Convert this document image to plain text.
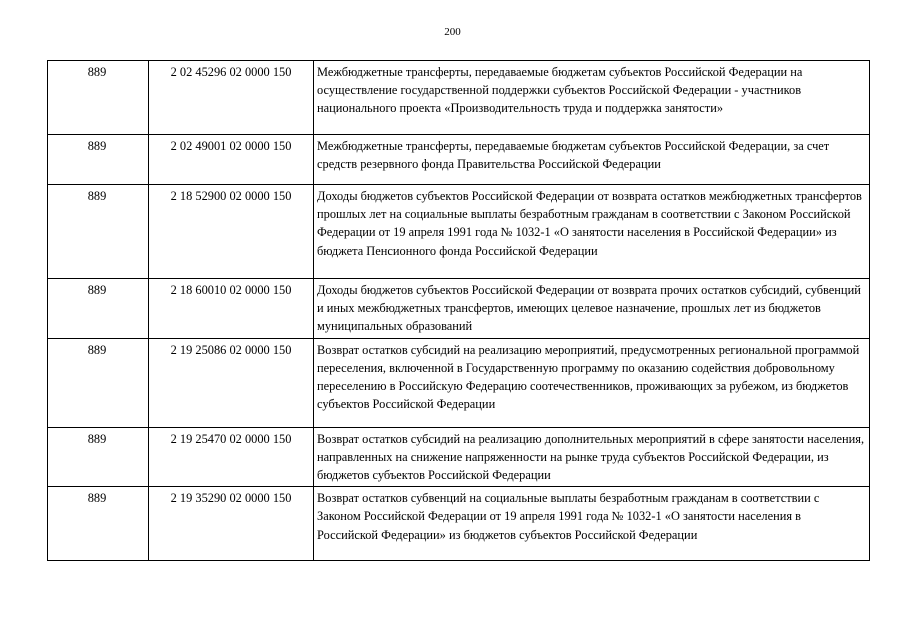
200
889	2 02 45296 02 0000 150	Межбюджетные трансферты, передаваемые бюджетам субъектов Российской Федерации на осуществление государственной поддержки субъектов Российской Федерации - участников национального проекта «Производительность труда и поддержка занятости»
889	2 02 49001 02 0000 150	Межбюджетные трансферты, передаваемые бюджетам субъектов Российской Федерации, за счет средств резервного фонда Правительства Российской Федерации
889	2 18 52900 02 0000 150	Доходы бюджетов субъектов Российской Федерации от возврата остатков межбюджетных трансфертов прошлых лет на социальные выплаты безработным гражданам в соответствии с Законом Российской Федерации от 19 апреля 1991 года № 1032-1 «О занятости населения в Российской Федерации» из бюджета Пенсионного фонда Российской Федерации
889	2 18 60010 02 0000 150	Доходы бюджетов субъектов Российской Федерации от возврата прочих остатков субсидий, субвенций и иных межбюджетных трансфертов, имеющих целевое назначение, прошлых лет из бюджетов муниципальных образований
889	2 19 25086 02 0000 150	Возврат остатков субсидий на реализацию мероприятий, предусмотренных региональной программой переселения, включенной в Государственную программу по оказанию содействия добровольному переселению в Российскую Федерацию соотечественников, проживающих за рубежом, из бюджетов субъектов Российской Федерации
889	2 19 25470 02 0000 150	Возврат остатков субсидий на реализацию дополнительных мероприятий в сфере занятости населения, направленных на снижение напряженности на рынке труда субъектов Российской Федерации, из бюджетов субъектов Российской Федерации
889	2 19 35290 02 0000 150	Возврат остатков субвенций на социальные выплаты безработным гражданам в соответствии с Законом Российской Федерации от 19 апреля 1991 года № 1032-1 «О занятости населения в Российской Федерации» из бюджетов субъектов Российской Федерации
